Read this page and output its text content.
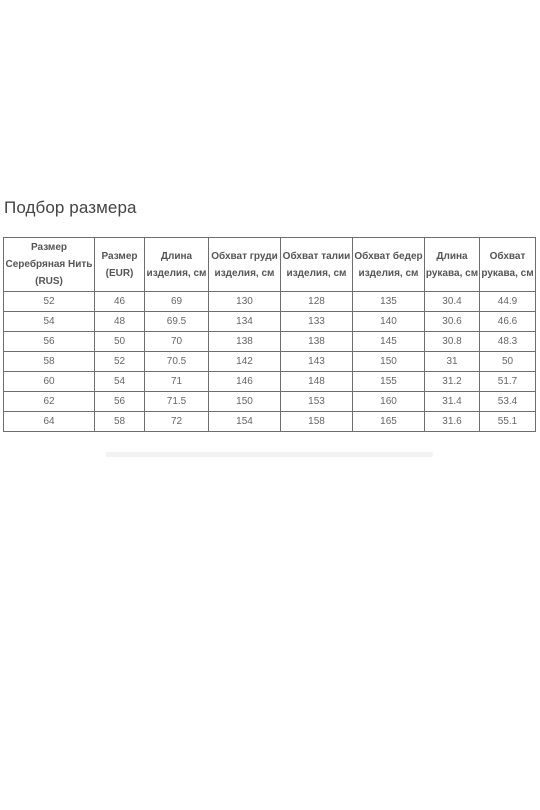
Подбор размера
Размер Серебряная Нить (RUS)	Размер (EUR)	Длина изделия, см	Обхват груди изделия, см	Обхват талии изделия, см	Обхват бедер изделия, см	Длина рукава, см	Обхват рукава, см
52	46	69	130	128	135	30.4	44.9
54	48	69.5	134	133	140	30.6	46.6
56	50	70	138	138	145	30.8	48.3
58	52	70.5	142	143	150	31	50
60	54	71	146	148	155	31.2	51.7
62	56	71.5	150	153	160	31.4	53.4
64	58	72	154	158	165	31.6	55.1
